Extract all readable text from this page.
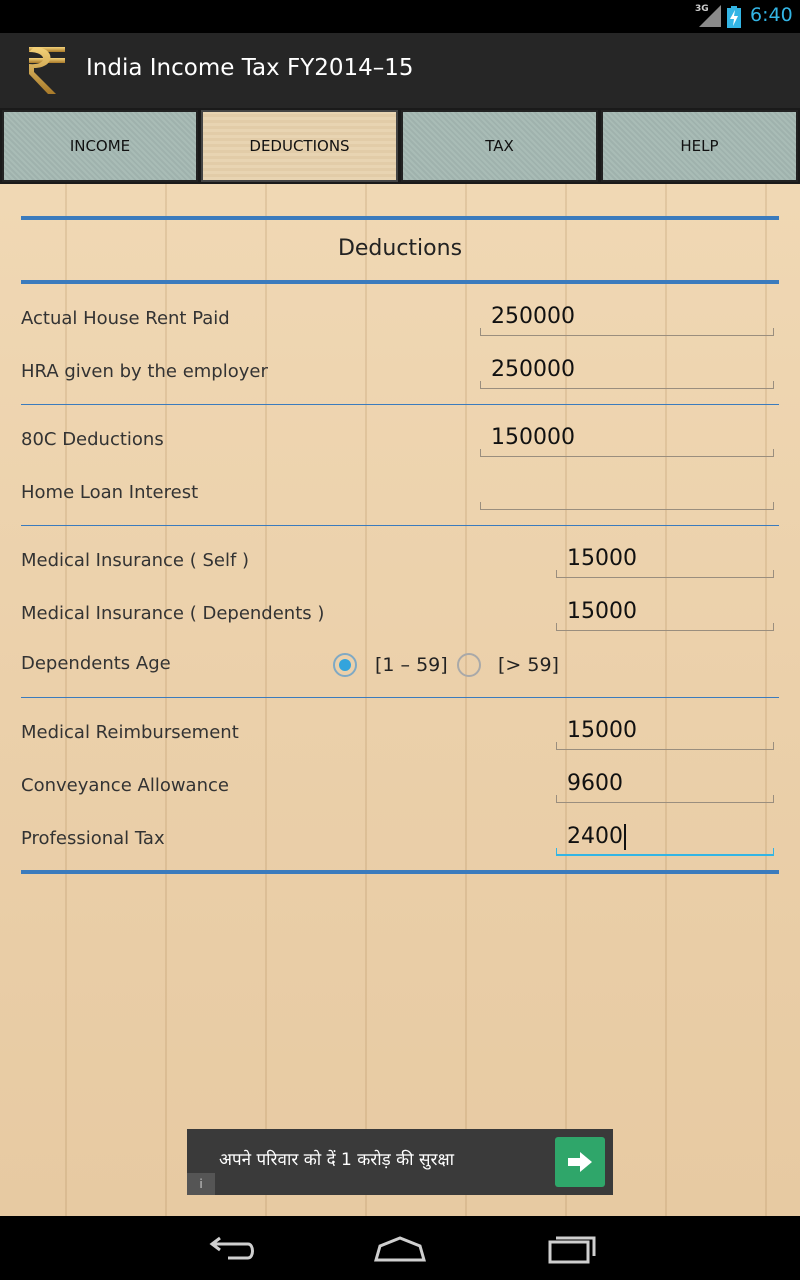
3G 6:40
India Income Tax FY2014–15
INCOME	DEDUCTIONS	TAX	HELP
Deductions
Actual House Rent Paid	250000
HRA given by the employer	250000
80C Deductions	150000
Home Loan Interest
Medical Insurance ( Self )	15000
Medical Insurance ( Dependents )	15000
Dependents Age	[1 – 59]	[> 59]
Medical Reimbursement	15000
Conveyance Allowance	9600
Professional Tax	2400
अपने परिवार को दें 1 करोड़ की सुरक्षा
i
